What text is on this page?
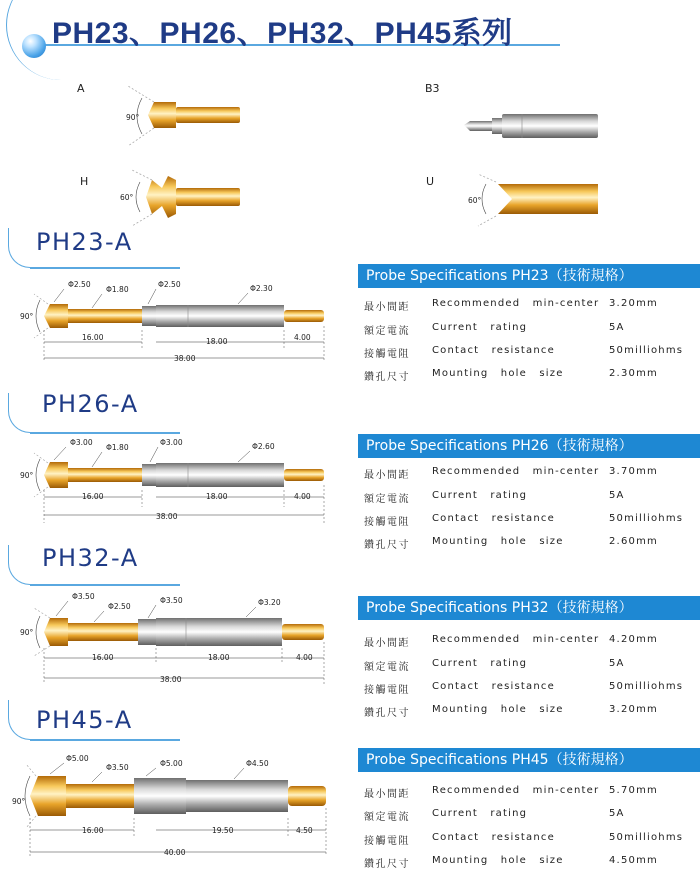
PH23、PH26、PH32、PH45系列
A
90°
B3
H
60°
U
60°
PH23-A
90°
Φ2.50
Φ1.80
Φ2.50	Φ2.30
16.00	18.00	4.00
38.00
Probe Specifications PH23（技術規格）
最小間距 Recommended min-center 3.20mm
額定電流 Current rating	5A
接觸電阻 Contact resistance	50milliohms
鑽孔尺寸 Mounting hole size	2.30mm
PH26-A
90°
Φ3.00
Φ1.80
Φ3.00	Φ2.60
16.00	18.00	4.00
38.00
Probe Specifications PH26（技術規格）
最小間距 Recommended min-center 3.70mm
額定電流 Current rating	5A
接觸電阻 Contact resistance	50milliohms
鑽孔尺寸 Mounting hole size	2.60mm
PH32-A
90°
Φ3.50
Φ2.50
Φ3.50	Φ3.20
16.00	18.00	4.00
38.00
Probe Specifications PH32（技術規格）
最小間距 Recommended min-center 4.20mm
額定電流 Current rating	5A
接觸電阻 Contact resistance	50milliohms
鑽孔尺寸 Mounting hole size	3.20mm
PH45-A
90°
Φ5.00
Φ3.50	Φ5.00	Φ4.50
16.00	19.50	4.50
40.00
Probe Specifications PH45（技術規格）
最小間距 Recommended min-center 5.70mm
額定電流 Current rating	5A
接觸電阻 Contact resistance	50milliohms
鑽孔尺寸 Mounting hole size	4.50mm
